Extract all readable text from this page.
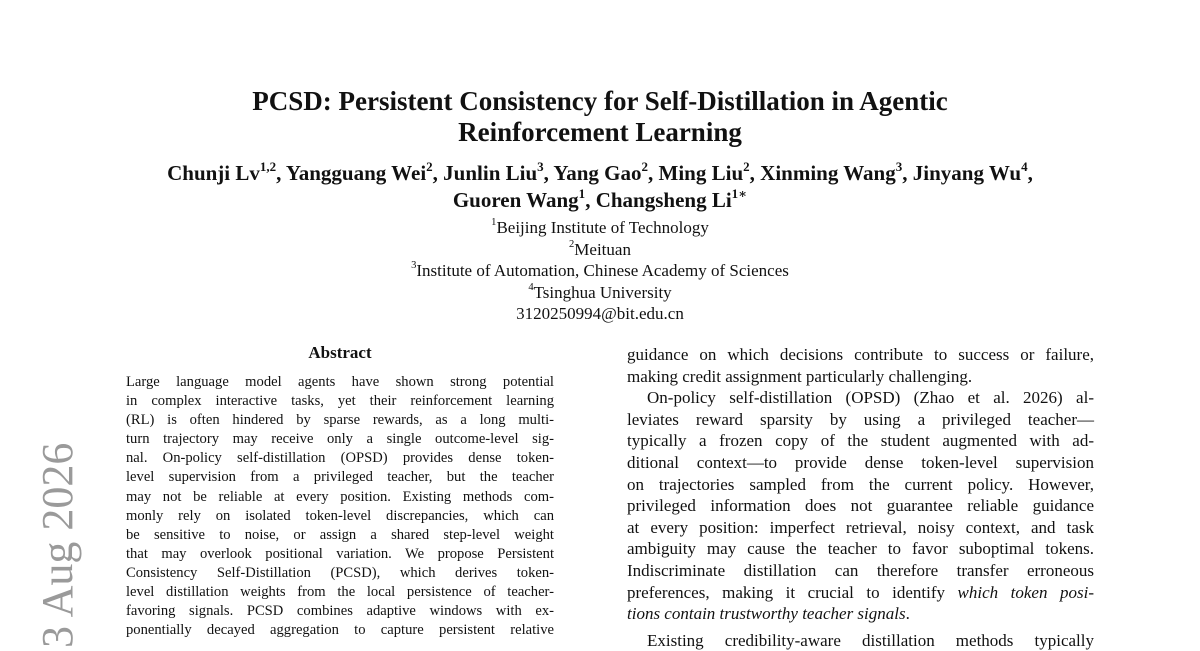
3 Aug 2026
PCSD: Persistent Consistency for Self-Distillation in Agentic
Reinforcement Learning
Chunji Lv$^{1,2}$, Yangguang Wei$^2$, Junlin Liu$^3$, Yang Gao$^2$, Ming Liu$^2$, Xinming Wang$^3$, Jinyang Wu$^4$,
Guoren Wang$^1$, Changsheng $Li^{1∗}$
$^1$Beijing Institute of Technology
$^2$Meituan
$^3$Institute of Automation, Chinese Academy of Sciences
$^4$Tsinghua University
3120250994@bit.edu.cn
Abstract
Large language model agents have shown strong potential
in complex interactive tasks, yet their reinforcement learning
(RL) is often hindered by sparse rewards, as a long multi-
turn trajectory may receive only a single outcome-level sig-
nal. On-policy self-distillation (OPSD) provides dense token-
level supervision from a privileged teacher, but the teacher
may not be reliable at every position. Existing methods com-
monly rely on isolated token-level discrepancies, which can
be sensitive to noise, or assign a shared step-level weight
that may overlook positional variation. We propose Persistent
Consistency Self-Distillation (PCSD), which derives token-
level distillation weights from the local persistence of teacher-
favoring signals. PCSD combines adaptive windows with ex-
ponentially decayed aggregation to capture persistent relative
guidance on which decisions contribute to success or failure,
making credit assignment particularly challenging.
On-policy self-distillation (OPSD) (Zhao et al. 2026) al-
leviates reward sparsity by using a privileged teacher—
typically a frozen copy of the student augmented with ad-
ditional context—to provide dense token-level supervision
on trajectories sampled from the current policy. However,
privileged information does not guarantee reliable guidance
at every position: imperfect retrieval, noisy context, and task
ambiguity may cause the teacher to favor suboptimal tokens.
Indiscriminate distillation can therefore transfer erroneous
preferences, making it crucial to identify which token posi-
tions contain trustworthy teacher signals.
Existing credibility-aware distillation methods typically
